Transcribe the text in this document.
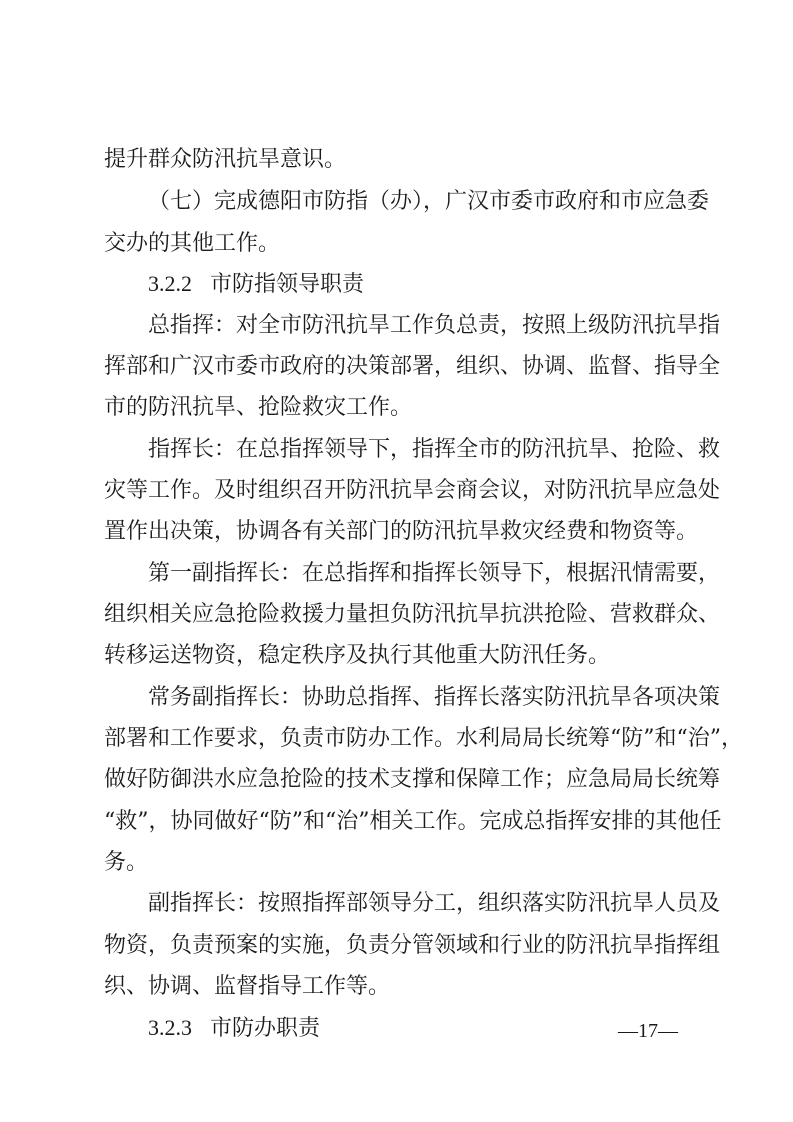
提升群众防汛抗旱意识。
（七）完成德阳市防指（办），广汉市委市政府和市应急委
交办的其他工作。
3.2.2 市防指领导职责
总指挥：对全市防汛抗旱工作负总责，按照上级防汛抗旱指
挥部和广汉市委市政府的决策部署，组织、协调、监督、指导全
市的防汛抗旱、抢险救灾工作。
指挥长：在总指挥领导下，指挥全市的防汛抗旱、抢险、救
灾等工作。及时组织召开防汛抗旱会商会议，对防汛抗旱应急处
置作出决策，协调各有关部门的防汛抗旱救灾经费和物资等。
第一副指挥长：在总指挥和指挥长领导下，根据汛情需要，
组织相关应急抢险救援力量担负防汛抗旱抗洪抢险、营救群众、
转移运送物资，稳定秩序及执行其他重大防汛任务。
常务副指挥长：协助总指挥、指挥长落实防汛抗旱各项决策
部署和工作要求，负责市防办工作。水利局局长统筹“防”和“治”，
做好防御洪水应急抢险的技术支撑和保障工作；应急局局长统筹
“救”，协同做好“防”和“治”相关工作。完成总指挥安排的其他任
务。
副指挥长：按照指挥部领导分工，组织落实防汛抗旱人员及
物资，负责预案的实施，负责分管领域和行业的防汛抗旱指挥组
织、协调、监督指导工作等。
3.2.3 市防办职责	—17—
